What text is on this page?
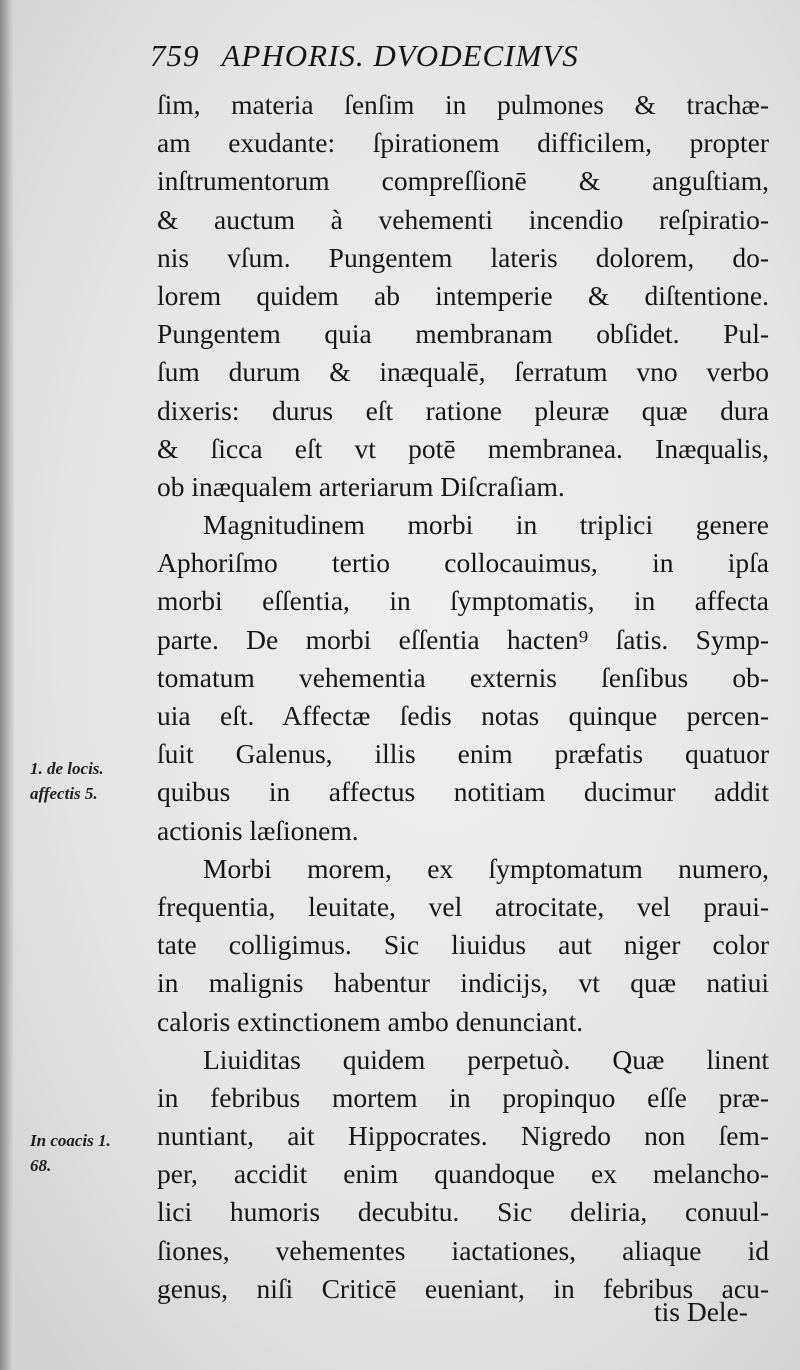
759 APHORIS. DVODECIMVS
ſim, materia ſenſim in pulmones & trachæ-
am exudante: ſpirationem difficilem, propter
inſtrumentorum compreſſionē & anguſtiam,
& auctum à vehementi incendio reſpiratio-
nis vſum. Pungentem lateris dolorem, do-
lorem quidem ab intemperie & diſtentione.
Pungentem quia membranam obſidet. Pul-
ſum durum & inæqualē, ſerratum vno verbo
dixeris: durus eſt ratione pleuræ quæ dura
& ſicca eſt vt potē membranea. Inæqualis,
ob inæqualem arteriarum Diſcraſiam.
Magnitudinem morbi in triplici genere
Aphoriſmo tertio collocauimus, in ipſa
morbi eſſentia, in ſymptomatis, in affecta
parte. De morbi eſſentia hacten⁹ ſatis. Symp-
tomatum vehementia externis ſenſibus ob-
uia eſt. Affectæ ſedis notas quinque percen-
ſuit Galenus, illis enim præfatis quatuor
quibus in affectus notitiam ducimur addit
actionis læſionem.
Morbi morem, ex ſymptomatum numero,
frequentia, leuitate, vel atrocitate, vel praui-
tate colligimus. Sic liuidus aut niger color
in malignis habentur indicijs, vt quæ natiui
caloris extinctionem ambo denunciant.
Liuiditas quidem perpetuò. Quæ linent
in febribus mortem in propinquo eſſe præ-
nuntiant, ait Hippocrates. Nigredo non ſem-
per, accidit enim quandoque ex melancho-
lici humoris decubitu. Sic deliria, conuul-
ſiones, vehementes iactationes, aliaque id
genus, niſi Criticē eueniant, in febribus acu-
tis Dele-
1. de locis.
affectis 5.
In coacis 1.
68.
